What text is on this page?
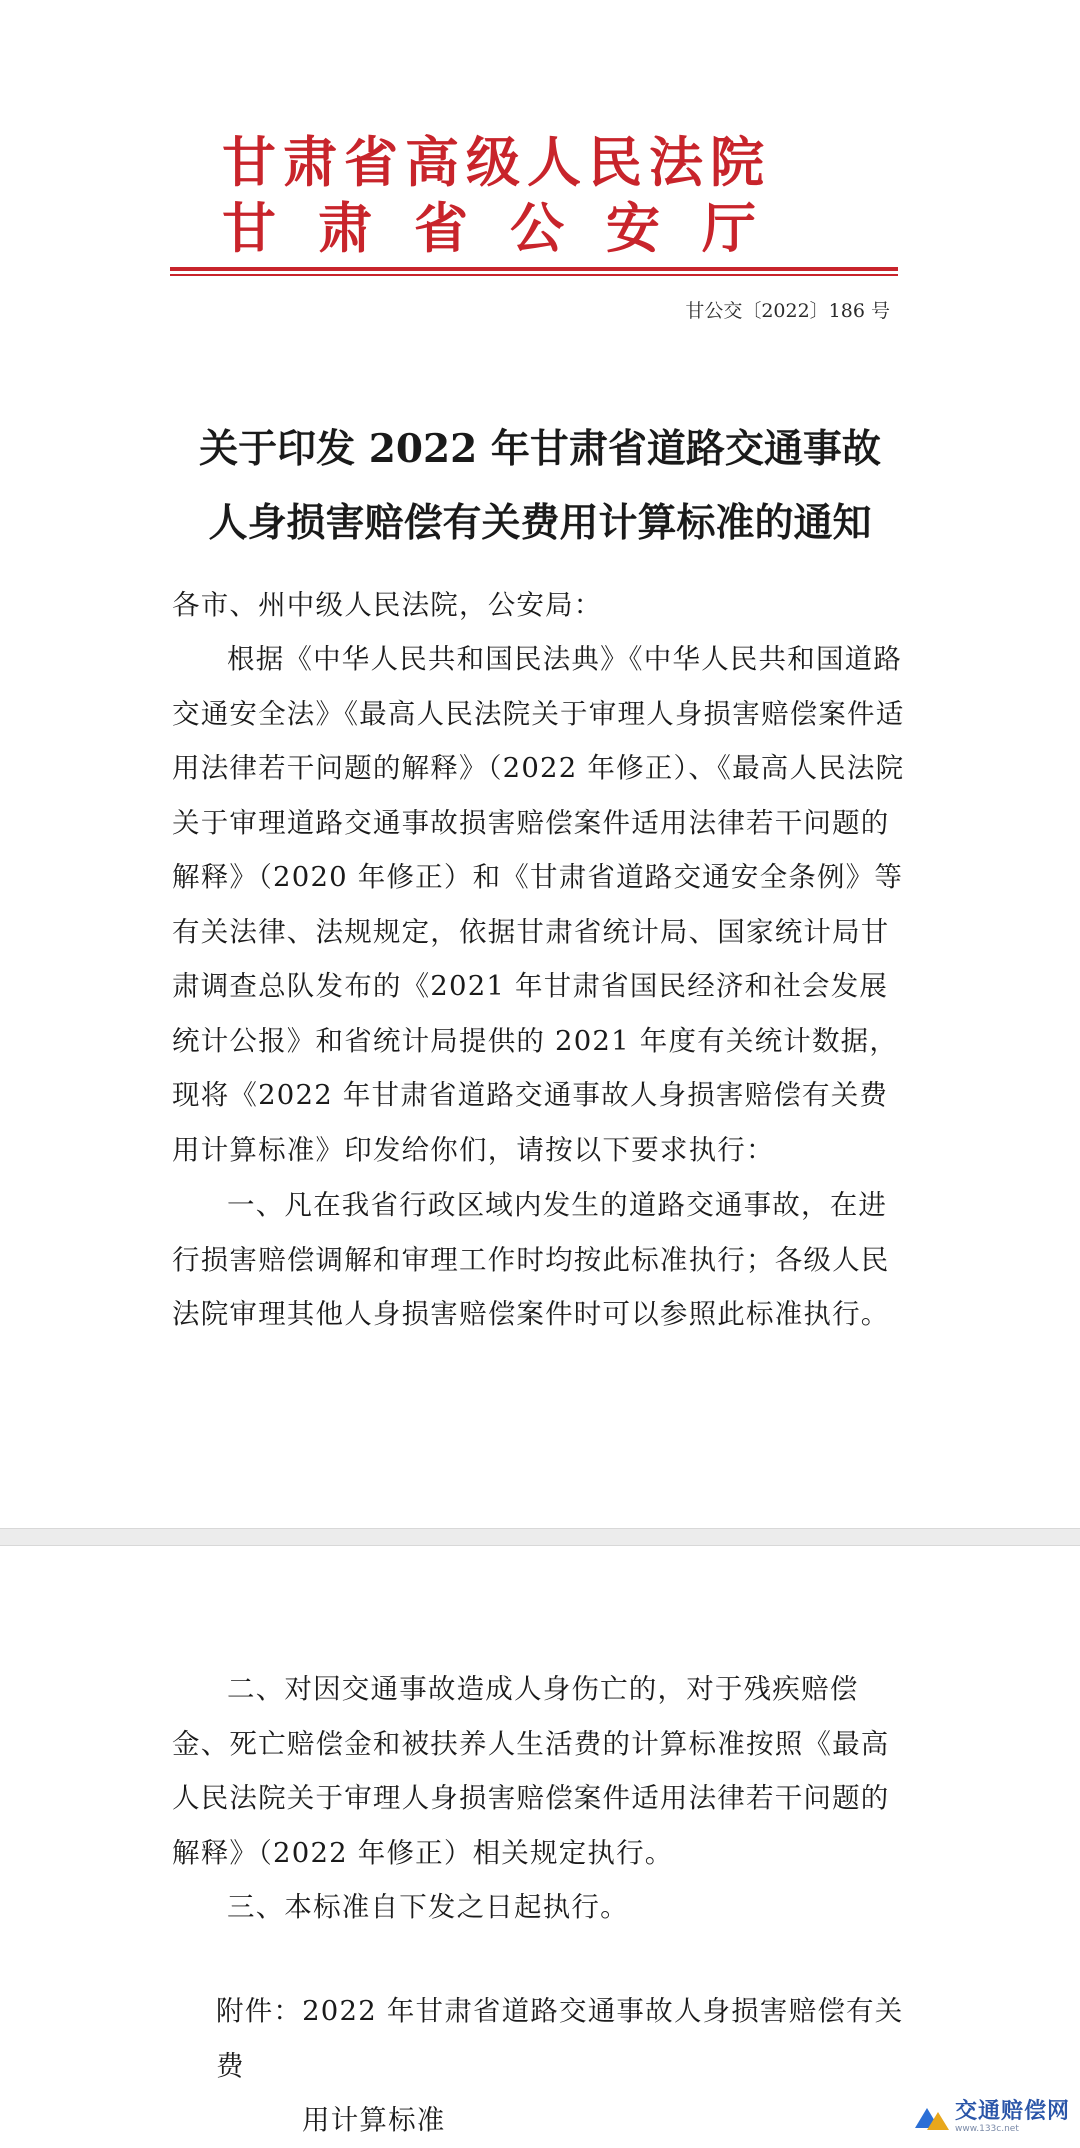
甘肃省高级人民法院
甘肃省公安厅
甘公交〔2022〕186 号
关于印发 2022 年甘肃省道路交通事故
人身损害赔偿有关费用计算标准的通知

各市、州中级人民法院，公安局：

根据《中华人民共和国民法典》《中华人民共和国道路交通安全法》《最高人民法院关于审理人身损害赔偿案件适用法律若干问题的解释》（2022 年修正）、《最高人民法院关于审理道路交通事故损害赔偿案件适用法律若干问题的解释》（2020 年修正）和《甘肃省道路交通安全条例》等有关法律、法规规定，依据甘肃省统计局、国家统计局甘肃调查总队发布的《2021 年甘肃省国民经济和社会发展统计公报》和省统计局提供的 2021 年度有关统计数据，现将《2022 年甘肃省道路交通事故人身损害赔偿有关费用计算标准》印发给你们，请按以下要求执行：

一、凡在我省行政区域内发生的道路交通事故，在进行损害赔偿调解和审理工作时均按此标准执行；各级人民法院审理其他人身损害赔偿案件时可以参照此标准执行。

二、对因交通事故造成人身伤亡的，对于残疾赔偿金、死亡赔偿金和被扶养人生活费的计算标准按照《最高人民法院关于审理人身损害赔偿案件适用法律若干问题的解释》（2022 年修正）相关规定执行。

三、本标准自下发之日起执行。

附件：2022 年甘肃省道路交通事故人身损害赔偿有关费
用计算标准	交通赔偿网
www.133c.net
